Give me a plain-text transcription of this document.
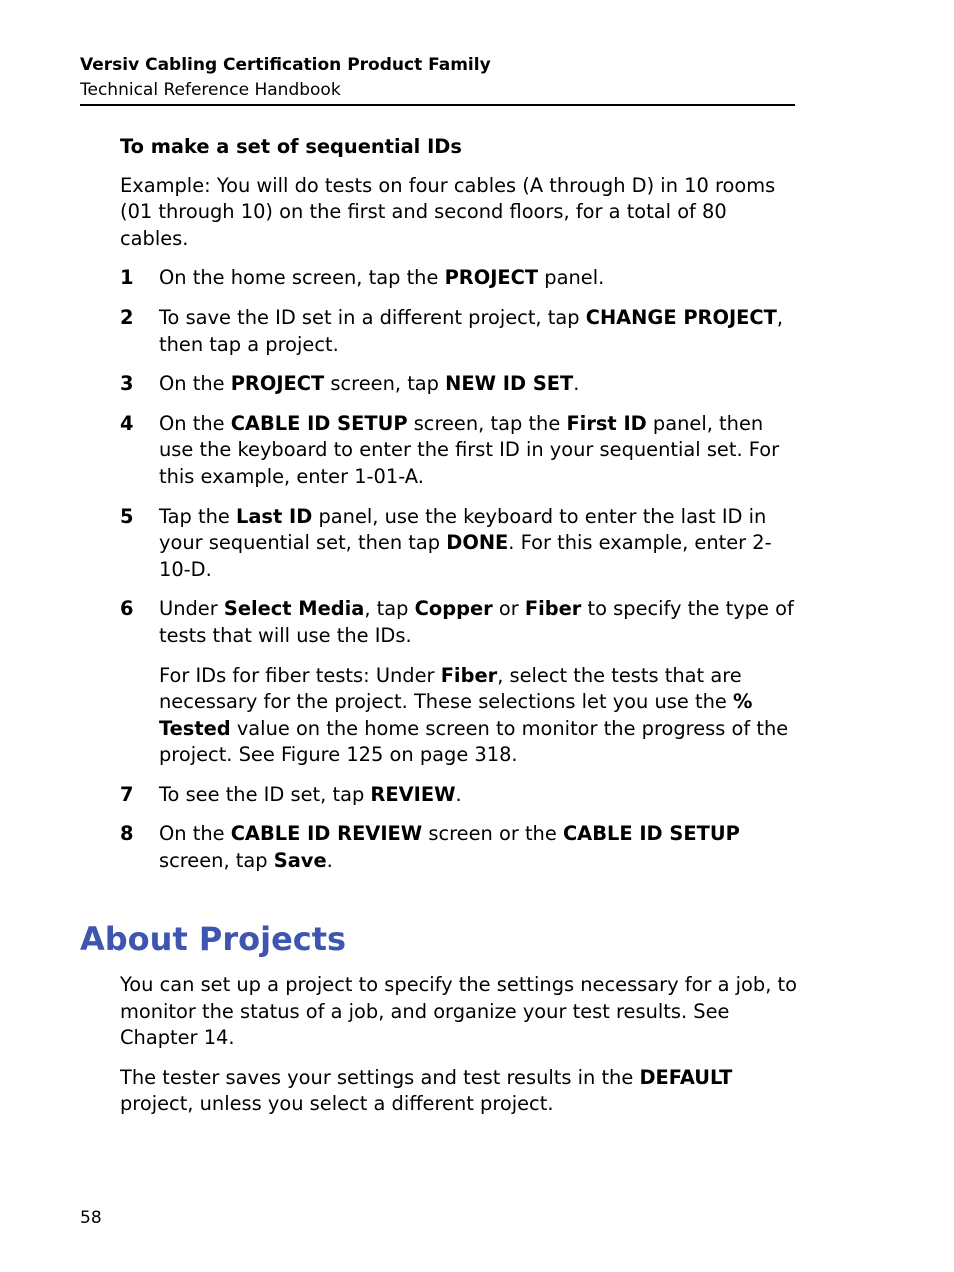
Versiv Cabling Certification Product Family
Technical Reference Handbook
To make a set of sequential IDs
Example: You will do tests on four cables (A through D) in 10 rooms (01 through 10) on the first and second floors, for a total of 80 cables.
1	On the home screen, tap the PROJECT panel.
2	To save the ID set in a different project, tap CHANGE PROJECT, then tap a project.
3	On the PROJECT screen, tap NEW ID SET.
4	On the CABLE ID SETUP screen, tap the First ID panel, then use the keyboard to enter the first ID in your sequential set. For this example, enter 1-01-A.
5	Tap the Last ID panel, use the keyboard to enter the last ID in your sequential set, then tap DONE. For this example, enter 2-10-D.
6	Under Select Media, tap Copper or Fiber to specify the type of tests that will use the IDs.
For IDs for fiber tests: Under Fiber, select the tests that are necessary for the project. These selections let you use the % Tested value on the home screen to monitor the progress of the project. See Figure 125 on page 318.
7	To see the ID set, tap REVIEW.
8	On the CABLE ID REVIEW screen or the CABLE ID SETUP screen, tap Save.
About Projects
You can set up a project to specify the settings necessary for a job, to monitor the status of a job, and organize your test results. See Chapter 14.
The tester saves your settings and test results in the DEFAULT project, unless you select a different project.
58
